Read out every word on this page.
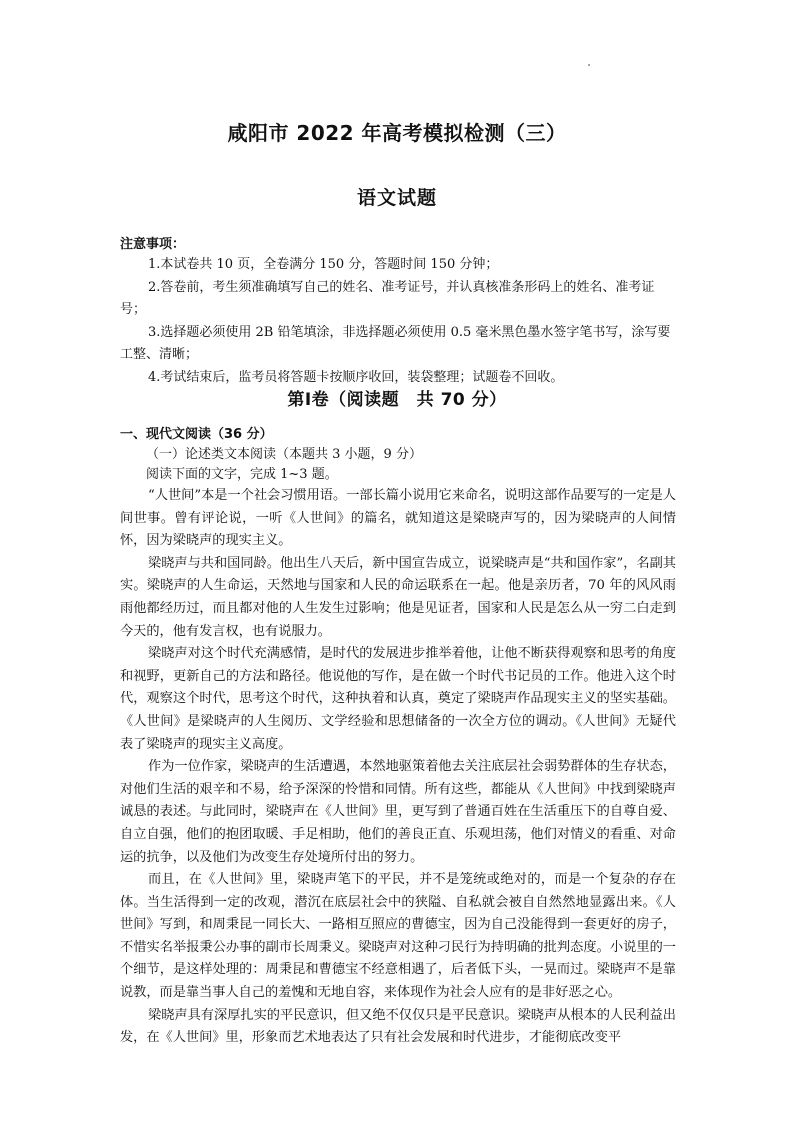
咸阳市 2022 年高考模拟检测（三）
语文试题
注意事项：

1.本试卷共 10 页，全卷满分 150 分，答题时间 150 分钟；

2.答卷前，考生须准确填写自己的姓名、准考证号，并认真核准条形码上的姓名、准考证号；

3.选择题必须使用 2B 铅笔填涂，非选择题必须使用 0.5 毫米黑色墨水签字笔书写，涂写要工整、清晰；

4.考试结束后，监考员将答题卡按顺序收回，装袋整理；试题卷不回收。

第Ⅰ卷（阅读题　共 70 分）
一、现代文阅读（36 分）
（一）论述类文本阅读（本题共 3 小题，9 分）
阅读下面的文字，完成 1~3 题。

“人世间”本是一个社会习惯用语。一部长篇小说用它来命名，说明这部作品要写的一定是人间世事。曾有评论说，一听《人世间》的篇名，就知道这是梁晓声写的，因为梁晓声的人间情怀，因为梁晓声的现实主义。

梁晓声与共和国同龄。他出生八天后，新中国宣告成立，说梁晓声是“共和国作家”，名副其实。梁晓声的人生命运，天然地与国家和人民的命运联系在一起。他是亲历者，70 年的风风雨雨他都经历过，而且都对他的人生发生过影响；他是见证者，国家和人民是怎么从一穷二白走到今天的，他有发言权，也有说服力。

梁晓声对这个时代充满感情，是时代的发展进步推举着他，让他不断获得观察和思考的角度和视野，更新自己的方法和路径。他说他的写作，是在做一个时代书记员的工作。他进入这个时代，观察这个时代，思考这个时代，这种执着和认真，奠定了梁晓声作品现实主义的坚实基础。《人世间》是梁晓声的人生阅历、文学经验和思想储备的一次全方位的调动。《人世间》无疑代表了梁晓声的现实主义高度。

作为一位作家，梁晓声的生活遭遇，本然地驱策着他去关注底层社会弱势群体的生存状态，对他们生活的艰辛和不易，给予深深的怜惜和同情。所有这些，都能从《人世间》中找到梁晓声诚恳的表述。与此同时，梁晓声在《人世间》里，更写到了普通百姓在生活重压下的自尊自爱、自立自强，他们的抱团取暖、手足相助，他们的善良正直、乐观坦荡，他们对情义的看重、对命运的抗争，以及他们为改变生存处境所付出的努力。

而且，在《人世间》里，梁晓声笔下的平民，并不是笼统或绝对的，而是一个复杂的存在体。当生活得到一定的改观，潜沉在底层社会中的狭隘、自私就会被自自然然地显露出来。《人世间》写到，和周秉昆一同长大、一路相互照应的曹德宝，因为自己没能得到一套更好的房子，不惜实名举报秉公办事的副市长周秉义。梁晓声对这种刁民行为持明确的批判态度。小说里的一个细节，是这样处理的：周秉昆和曹德宝不经意相遇了，后者低下头，一晃而过。梁晓声不是靠说教，而是靠当事人自己的羞愧和无地自容，来体现作为社会人应有的是非好恶之心。

梁晓声具有深厚扎实的平民意识，但又绝不仅仅只是平民意识。梁晓声从根本的人民利益出发，在《人世间》里，形象而艺术地表达了只有社会发展和时代进步，才能彻底改变平
